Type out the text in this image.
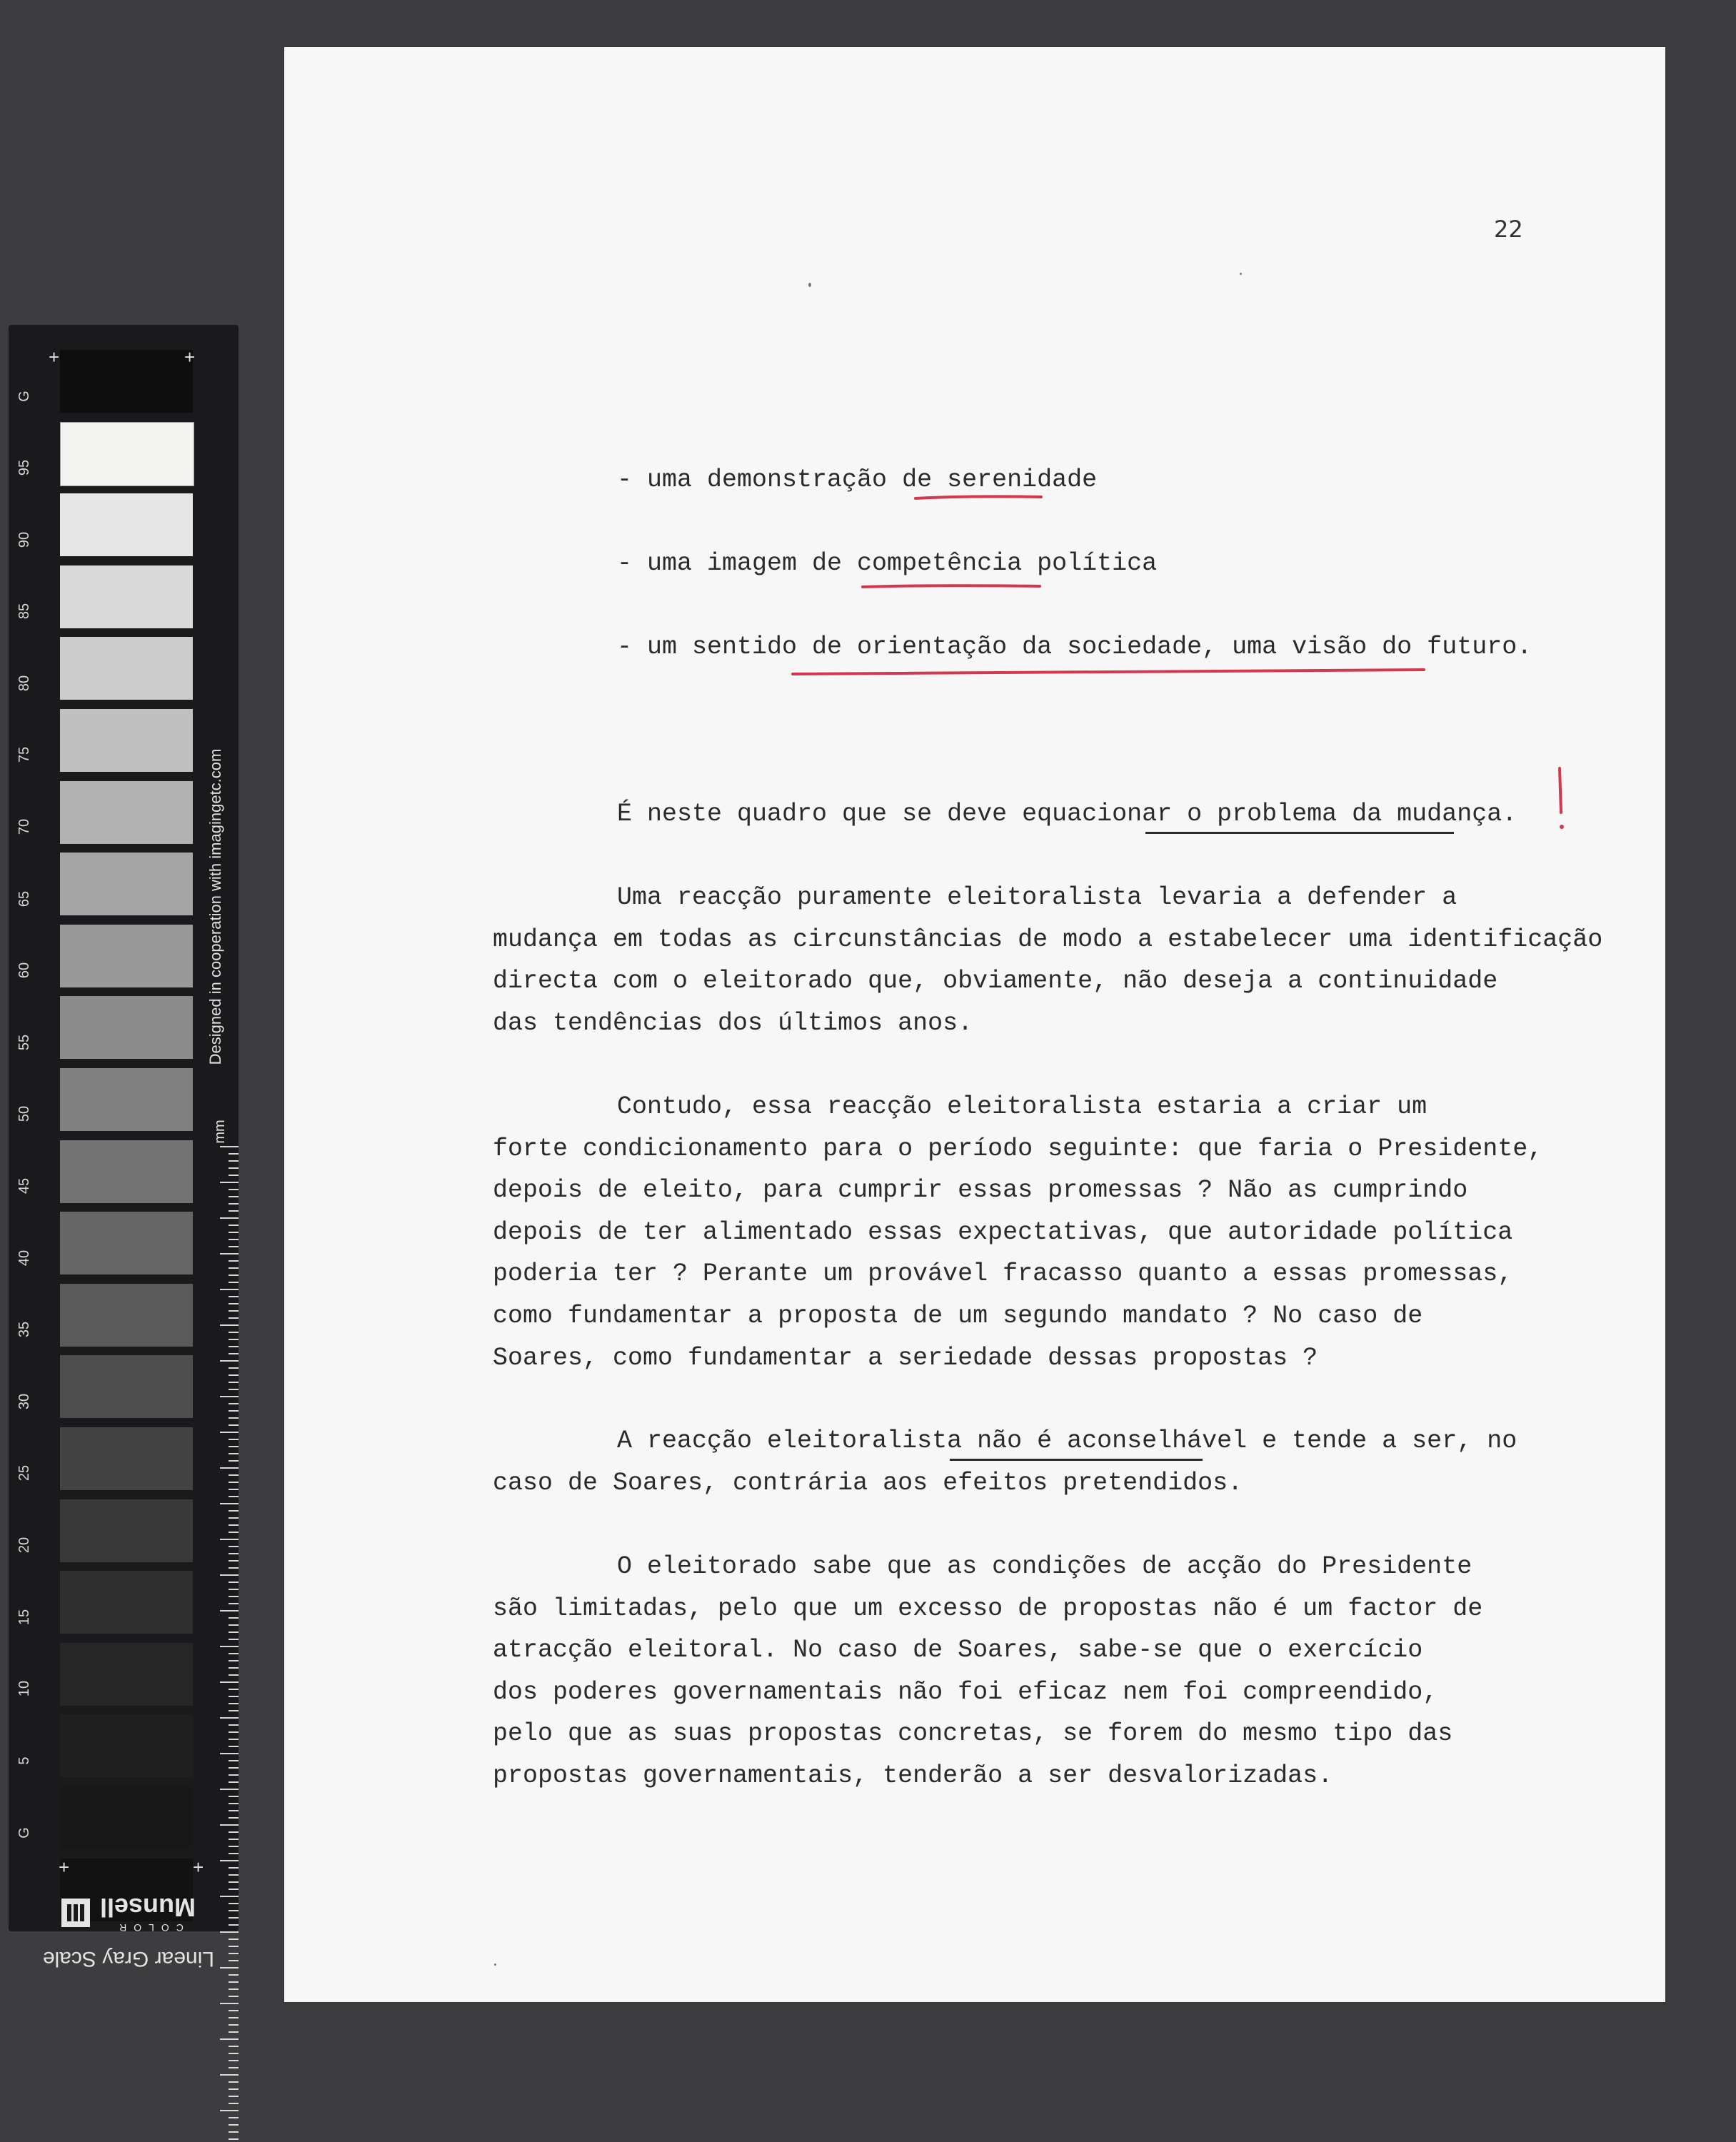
95
90
85
80
75
70
65
60
55
50
45
40
35
30
25
20
15
10
5
+	+
+	+
G
G
Designed in cooperation with imagingetc.com
mm
Linear Gray Scale
COLOR
Munsell
22
- uma demonstração de serenidade
- uma imagem de competência política
- um sentido de orientação da sociedade, uma visão do futuro.
É neste quadro que se deve equacionar o problema da mudança.
Uma reacção puramente eleitoralista levaria a defender a
mudança em todas as circunstâncias de modo a estabelecer uma identificação
directa com o eleitorado que, obviamente, não deseja a continuidade
das tendências dos últimos anos.
Contudo, essa reacção eleitoralista estaria a criar um
forte condicionamento para o período seguinte: que faria o Presidente,
depois de eleito, para cumprir essas promessas ? Não as cumprindo
depois de ter alimentado essas expectativas, que autoridade política
poderia ter ? Perante um provável fracasso quanto a essas promessas,
como fundamentar a proposta de um segundo mandato ? No caso de
Soares, como fundamentar a seriedade dessas propostas ?
A reacção eleitoralista não é aconselhável e tende a ser, no
caso de Soares, contrária aos efeitos pretendidos.
O eleitorado sabe que as condições de acção do Presidente
são limitadas, pelo que um excesso de propostas não é um factor de
atracção eleitoral. No caso de Soares, sabe-se que o exercício
dos poderes governamentais não foi eficaz nem foi compreendido,
pelo que as suas propostas concretas, se forem do mesmo tipo das
propostas governamentais, tenderão a ser desvalorizadas.
